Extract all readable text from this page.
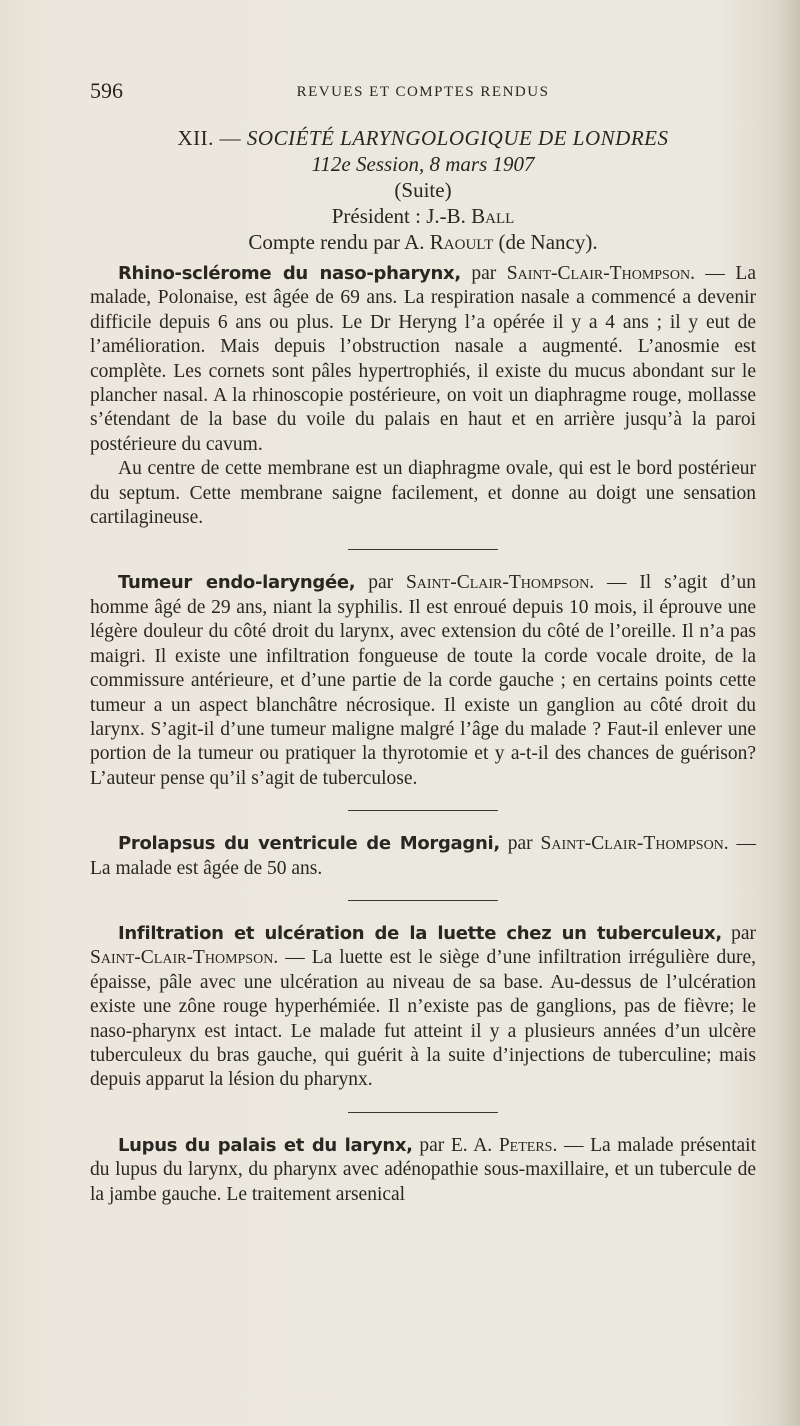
596	REVUES ET COMPTES RENDUS
XII. — SOCIÉTÉ LARYNGOLOGIQUE DE LONDRES
112e Session, 8 mars 1907
(Suite)
Président : J.-B. Ball
Compte rendu par A. Raoult (de Nancy).

Rhino-sclérome du naso-pharynx, par Saint-Clair-Thompson. — La malade, Polonaise, est âgée de 69 ans. La respiration nasale a commencé a devenir difficile depuis 6 ans ou plus. Le Dr Heryng l’a opérée il y a 4 ans ; il y eut de l’amélioration. Mais depuis l’obstruction nasale a augmenté. L’anosmie est complète. Les cornets sont pâles hypertrophiés, il existe du mucus abondant sur le plancher nasal. A la rhinoscopie postérieure, on voit un diaphragme rouge, mollasse s’étendant de la base du voile du palais en haut et en arrière jusqu’à la paroi postérieure du cavum.

Au centre de cette membrane est un diaphragme ovale, qui est le bord postérieur du septum. Cette membrane saigne facilement, et donne au doigt une sensation cartilagineuse.

Tumeur endo-laryngée, par Saint-Clair-Thompson. — Il s’agit d’un homme âgé de 29 ans, niant la syphilis. Il est enroué depuis 10 mois, il éprouve une légère douleur du côté droit du larynx, avec extension du côté de l’oreille. Il n’a pas maigri. Il existe une infiltration fongueuse de toute la corde vocale droite, de la commissure antérieure, et d’une partie de la corde gauche ; en certains points cette tumeur a un aspect blanchâtre nécrosique. Il existe un ganglion au côté droit du larynx. S’agit-il d’une tumeur maligne malgré l’âge du malade ? Faut-il enlever une portion de la tumeur ou pratiquer la thyrotomie et y a-t-il des chances de guérison? L’auteur pense qu’il s’agit de tuberculose.

Prolapsus du ventricule de Morgagni, par Saint-Clair-Thompson. — La malade est âgée de 50 ans.

Infiltration et ulcération de la luette chez un tuberculeux, par Saint-Clair-Thompson. — La luette est le siège d’une infiltration irrégulière dure, épaisse, pâle avec une ulcération au niveau de sa base. Au-dessus de l’ulcération existe une zône rouge hyperhémiée. Il n’existe pas de ganglions, pas de fièvre; le naso-pharynx est intact. Le malade fut atteint il y a plusieurs années d’un ulcère tuberculeux du bras gauche, qui guérit à la suite d’injections de tuberculine; mais depuis apparut la lésion du pharynx.

Lupus du palais et du larynx, par E. A. Peters. — La malade présentait du lupus du larynx, du pharynx avec adénopathie sous-maxillaire, et un tubercule de la jambe gauche. Le traitement arsenical
